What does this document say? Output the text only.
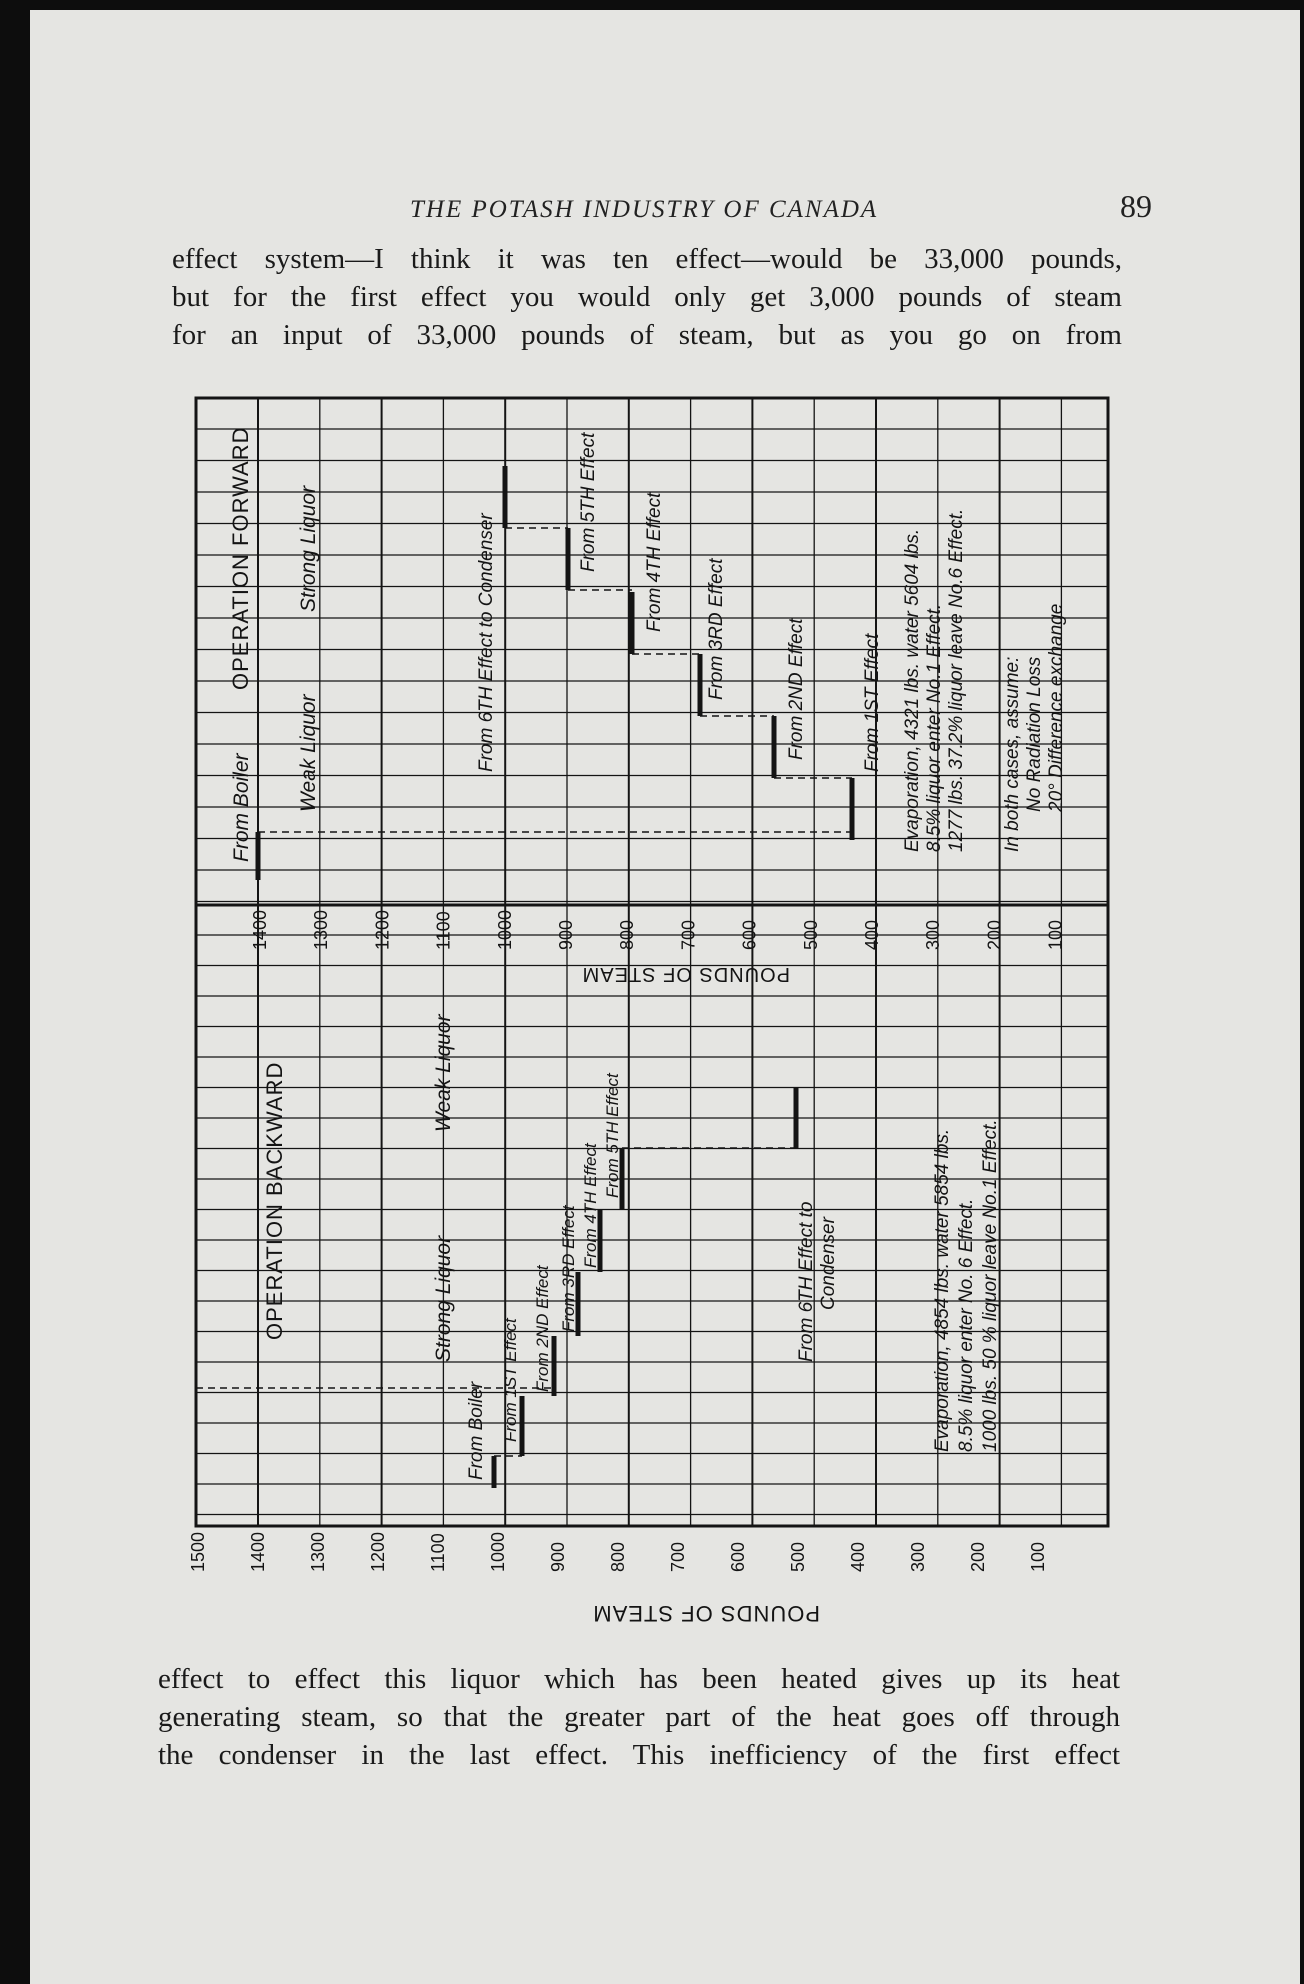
THE POTASH INDUSTRY OF CANADA	89

effect system—I think it was ten effect—would be 33,000 pounds,
but for the first effect you would only get 3,000 pounds of steam
for an input of 33,000 pounds of steam, but as you go on from

1400 1300 1200 1100 1000 900 800 700 600 500 400 300 200 100
1500 1400 1300 1200 1100 1000 900 800 700 600 500 400 300 200 100
OPERATION FORWARD
Weak Liquor
Strong Liquor
From Boiler
From 6TH Effect to Condenser
From 5TH Effect From 4TH Effect From 3RD Effect	From 2ND Effect	From 1ST Effect Evaporation, 4321 lbs. water 5604 lbs. 8.5% liquor enter No.1 Effect. 1277 lbs. 37.2% liquor leave No.6 Effect. In both cases, assume: No Radiation Loss 20° Difference exchange
POUNDS OF STEAM
OPERATION BACKWARD	Strong Liquor
Weak Liquor
From Boiler From 1ST Effect From 2ND Effect From 3RD Effect From 4TH Effect
From 5TH Effect
From 6TH Effect to Condenser	Evaporation, 4854 lbs. water 5854 lbs. 8.5% liquor enter No. 6 Effect. 1000 lbs. 50 % liquor leave No.1 Effect.
POUNDS OF STEAM

effect to effect this liquor which has been heated gives up its heat
generating steam, so that the greater part of the heat goes off through
the condenser in the last effect. This inefficiency of the first effect
